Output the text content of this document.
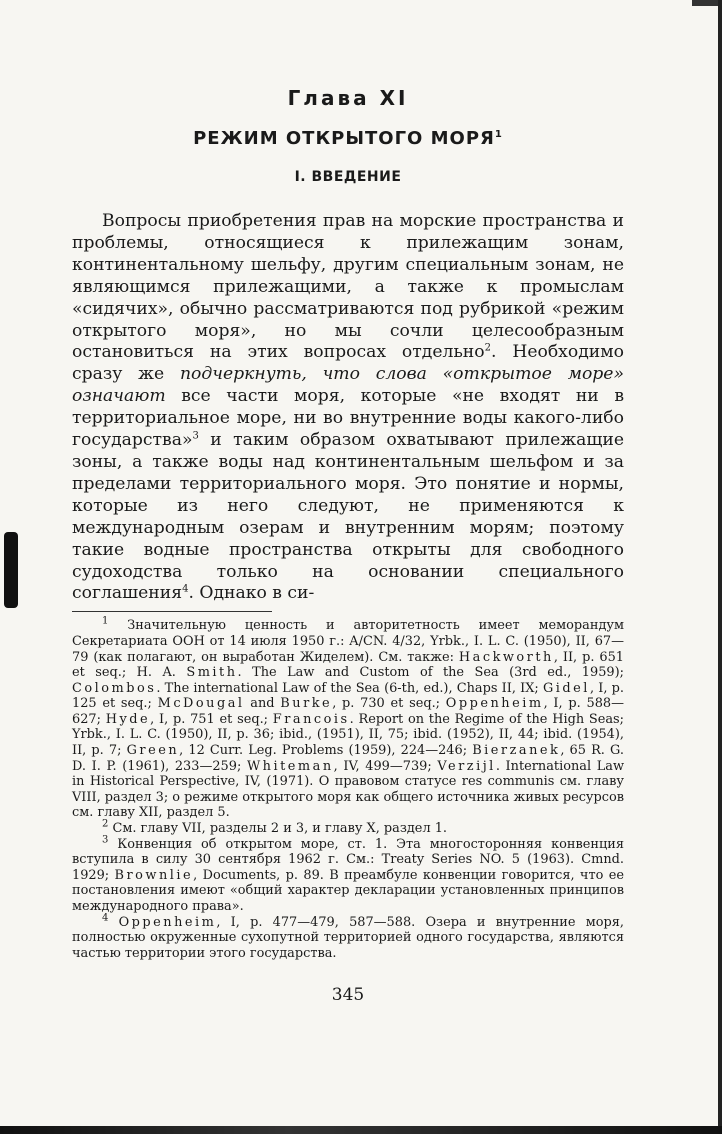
Глава XI
РЕЖИМ ОТКРЫТОГО МОРЯ$^1$
I. ВВЕДЕНИЕ

Вопросы приобретения прав на морские пространства и проблемы, относящиеся к прилежащим зонам, континентальному шельфу, другим специальным зонам, не являющимся прилежащими, а также к промыслам «сидячих», обычно рассматриваются под рубрикой «режим открытого моря», но мы сочли целесообразным остановиться на этих вопросах отдельно$^2$. Необходимо сразу же подчеркнуть, что слова «открытое море» означают все части моря, которые «не входят ни в территориальное море, ни во внутренние воды какого-либо государства»$^3$ и таким образом охватывают прилежащие зоны, а также воды над континентальным шельфом и за пределами территориального моря. Это понятие и нормы, которые из него следуют, не применяются к международным озерам и внутренним морям; поэтому такие водные пространства открыты для свободного судоходства только на основании специального соглашения$^4$. Однако в си-

$^1$ Значительную ценность и авторитетность имеет меморандум Секретариата ООН от 14 июля 1950 г.: A/CN. 4/32, Yrbk., I. L. C. (1950), II, 67—79 (как полагают, он выработан Жиделем). См. также: Hackworth, II, p. 651 et seq.; H. A. Smith. The Law and Custom of the Sea (3rd ed., 1959); Colombos. The international Law of the Sea (6-th, ed.), Chaps II, IX; Gidel, I, p. 125 et seq.; McDougal and Burke, p. 730 et seq.; Oppenheim, I, p. 588—627; Hyde, I, p. 751 et seq.; Francois. Report on the Regime of the High Seas; Yrbk., I. L. C. (1950), II, p. 36; ibid., (1951), II, 75; ibid. (1952), II, 44; ibid. (1954), II, p. 7; Green, 12 Curr. Leg. Problems (1959), 224—246; Bierzanek, 65 R. G. D. I. P. (1961), 233—259; Whiteman, IV, 499—739; Verzijl. International Law in Historical Perspective, IV, (1971). О правовом статусе res communis см. главу VIII, раздел 3; о режиме открытого моря как общего источника живых ресурсов см. главу XII, раздел 5.

$^2$ См. главу VII, разделы 2 и 3, и главу X, раздел 1.

$^3$ Конвенция об открытом море, ст. 1. Эта многосторонняя конвенция вступила в силу 30 сентября 1962 г. См.: Treaty Series NO. 5 (1963). Cmnd. 1929; Brownlie, Documents, p. 89. В преамбуле конвенции говорится, что ее постановления имеют «общий характер декларации установленных принципов международного права».

$^4$ Oppenheim, I, p. 477—479, 587—588. Озера и внутренние моря, полностью окруженные сухопутной территорией одного государства, являются частью территории этого государства.

345
